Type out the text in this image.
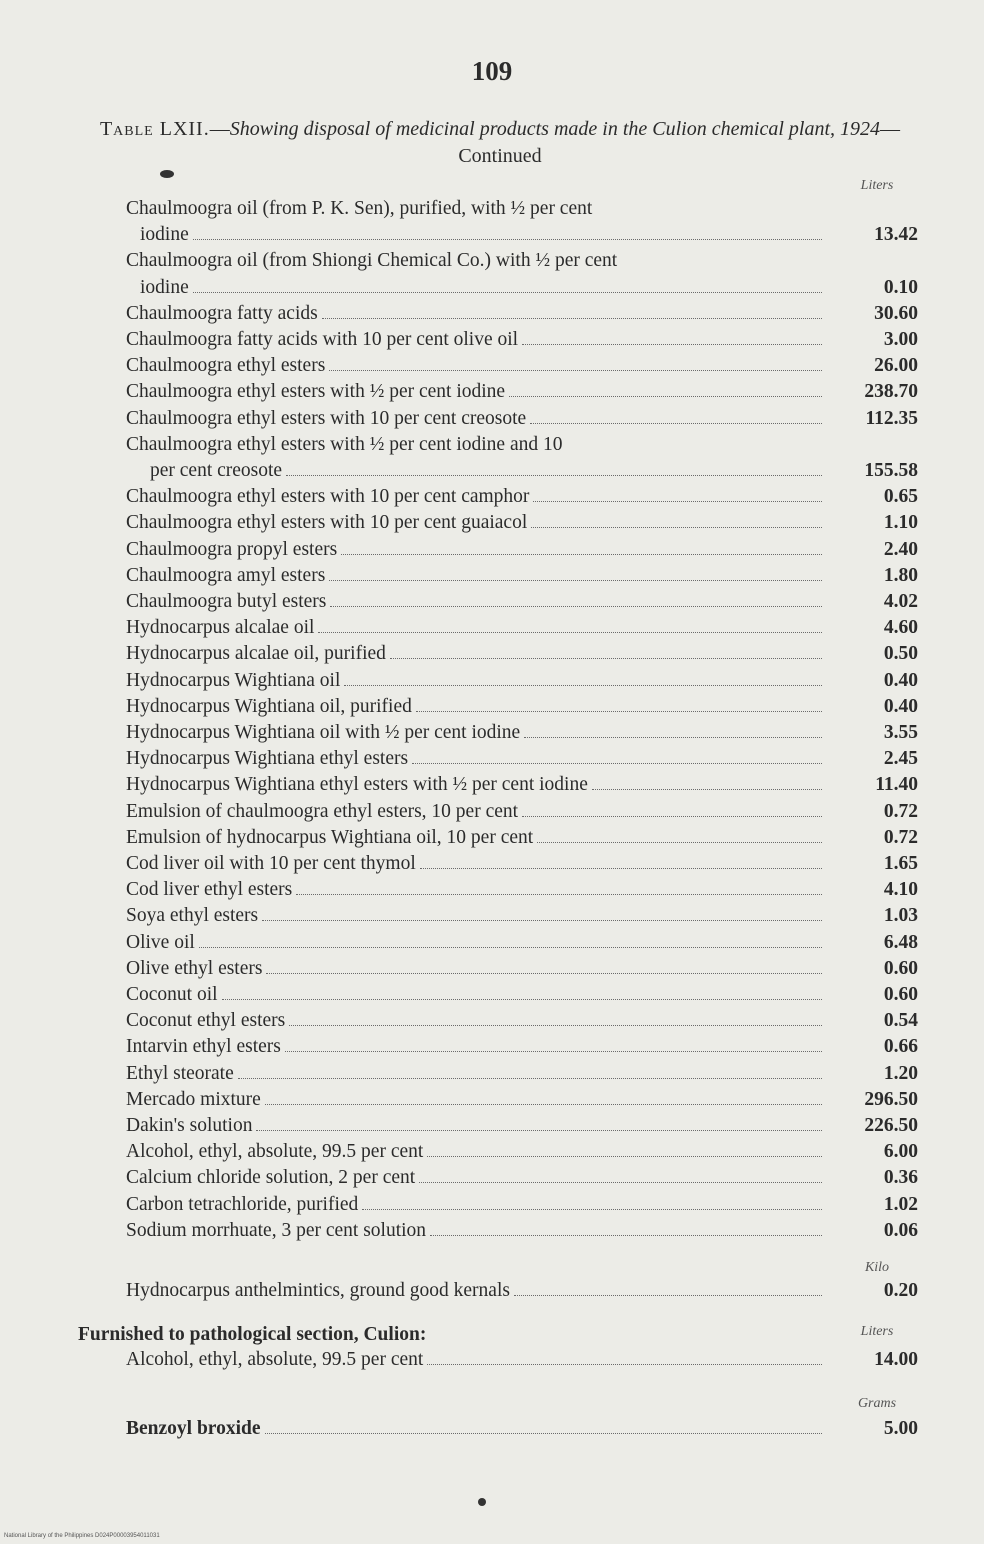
109
Table LXII.—Showing disposal of medicinal products made in the Culion chemical plant, 1924—Continued
Liters
Chaulmoogra oil (from P. K. Sen), purified, with ½ per cent
iodine	13.42
Chaulmoogra oil (from Shiongi Chemical Co.) with ½ per cent
iodine	0.10
Chaulmoogra fatty acids	30.60
Chaulmoogra fatty acids with 10 per cent olive oil	3.00
Chaulmoogra ethyl esters	26.00
Chaulmoogra ethyl esters with ½ per cent iodine	238.70
Chaulmoogra ethyl esters with 10 per cent creosote	112.35
Chaulmoogra ethyl esters with ½ per cent iodine and 10
per cent creosote	155.58
Chaulmoogra ethyl esters with 10 per cent camphor	0.65
Chaulmoogra ethyl esters with 10 per cent guaiacol	1.10
Chaulmoogra propyl esters	2.40
Chaulmoogra amyl esters	1.80
Chaulmoogra butyl esters	4.02
Hydnocarpus alcalae oil	4.60
Hydnocarpus alcalae oil, purified	0.50
Hydnocarpus Wightiana oil	0.40
Hydnocarpus Wightiana oil, purified	0.40
Hydnocarpus Wightiana oil with ½ per cent iodine	3.55
Hydnocarpus Wightiana ethyl esters	2.45
Hydnocarpus Wightiana ethyl esters with ½ per cent iodine	11.40
Emulsion of chaulmoogra ethyl esters, 10 per cent	0.72
Emulsion of hydnocarpus Wightiana oil, 10 per cent	0.72
Cod liver oil with 10 per cent thymol	1.65
Cod liver ethyl esters	4.10
Soya ethyl esters	1.03
Olive oil	6.48
Olive ethyl esters	0.60
Coconut oil	0.60
Coconut ethyl esters	0.54
Intarvin ethyl esters	0.66
Ethyl steorate	1.20
Mercado mixture	296.50
Dakin's solution	226.50
Alcohol, ethyl, absolute, 99.5 per cent	6.00
Calcium chloride solution, 2 per cent	0.36
Carbon tetrachloride, purified	1.02
Sodium morrhuate, 3 per cent solution	0.06
Kilo
Hydnocarpus anthelmintics, ground good kernals	0.20
Furnished to pathological section, Culion:	Liters
Alcohol, ethyl, absolute, 99.5 per cent	14.00
Grams
Benzoyl broxide	5.00
National Library of the Philippines D024P00003954011031
